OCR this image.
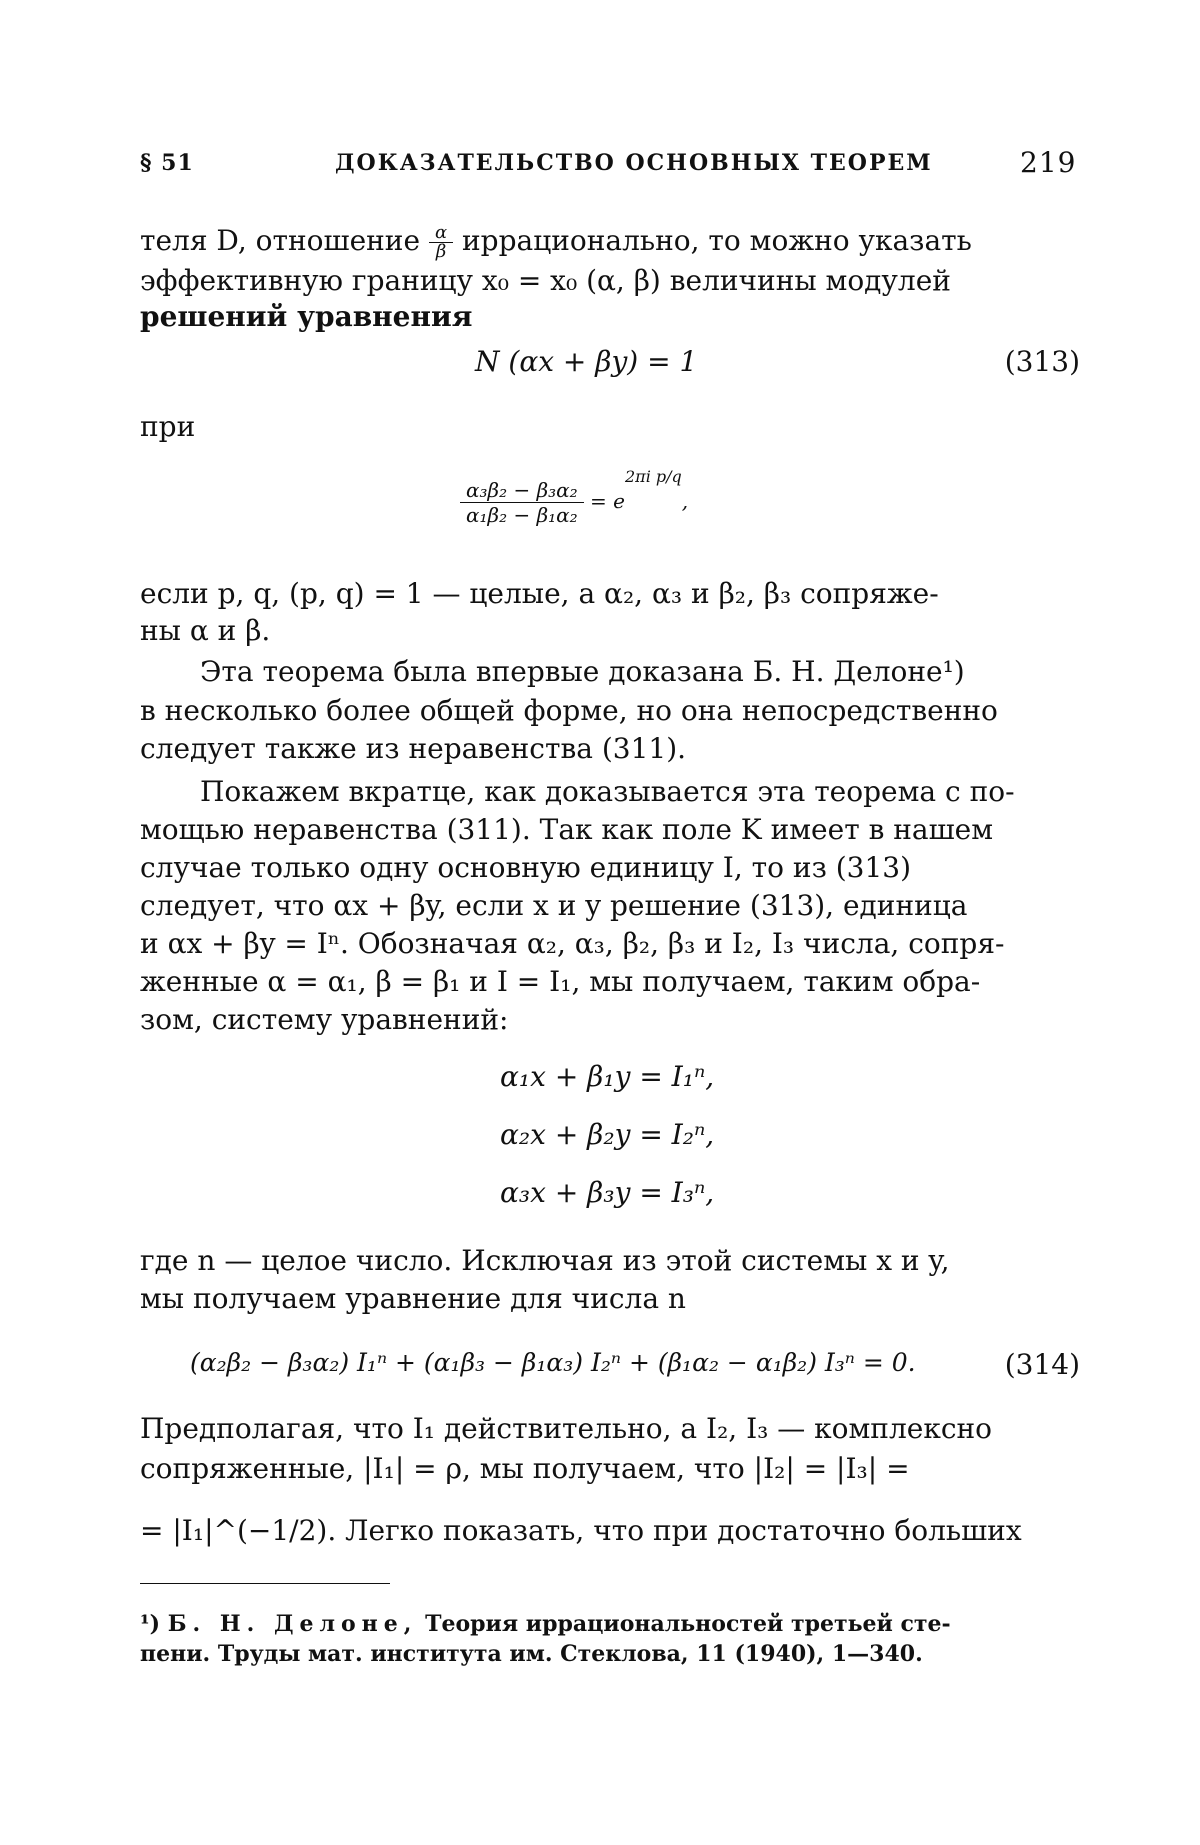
§ 51	ДОКАЗАТЕЛЬСТВО ОСНОВНЫХ ТЕОРЕМ	219
теля D, отношение $\frac{\alpha}{\beta}$ иррационально, то можно указать
эффективную границу x₀ = x₀ (α, β) величины модулей
решений уравнения
N (αx + βy) = 1	(313)
при
$\frac{\text{α₃β₂ − β₃α₂}}{\text{α₁β₂ − β₁α₂}} = e^{2\pi i p/q}$,
если p, q, (p, q) = 1 — целые, а α₂, α₃ и β₂, β₃ сопряже-
ны α и β.
Эта теорема была впервые доказана Б. Н. Делоне¹)
в несколько более общей форме, но она непосредственно
следует также из неравенства (311).
Покажем вкратце, как доказывается эта теорема с по-
мощью неравенства (311). Так как поле K имеет в нашем
случае только одну основную единицу I, то из (313)
следует, что αx + βy, если x и y решение (313), единица
и αx + βy = Iⁿ. Обозначая α₂, α₃, β₂, β₃ и I₂, I₃ числа, сопря-
женные α = α₁, β = β₁ и I = I₁, мы получаем, таким обра-
зом, систему уравнений:
α₁x + β₁y = I₁ⁿ,
α₂x + β₂y = I₂ⁿ,
α₃x + β₃y = I₃ⁿ,
где n — целое число. Исключая из этой системы x и y,
мы получаем уравнение для числа n
(α₂β₂ − β₃α₂) I₁ⁿ + (α₁β₃ − β₁α₃) I₂ⁿ + (β₁α₂ − α₁β₂) I₃ⁿ = 0.	(314)
Предполагая, что I₁ действительно, а I₂, I₃ — комплексно
сопряженные, |I₁| = ρ, мы получаем, что |I₂| = |I₃| =
= |I₁|^(−1/2). Легко показать, что при достаточно больших
¹) Б. Н. Делоне, Теория иррациональностей третьей сте-
пени. Труды мат. института им. Стеклова, 11 (1940), 1—340.
